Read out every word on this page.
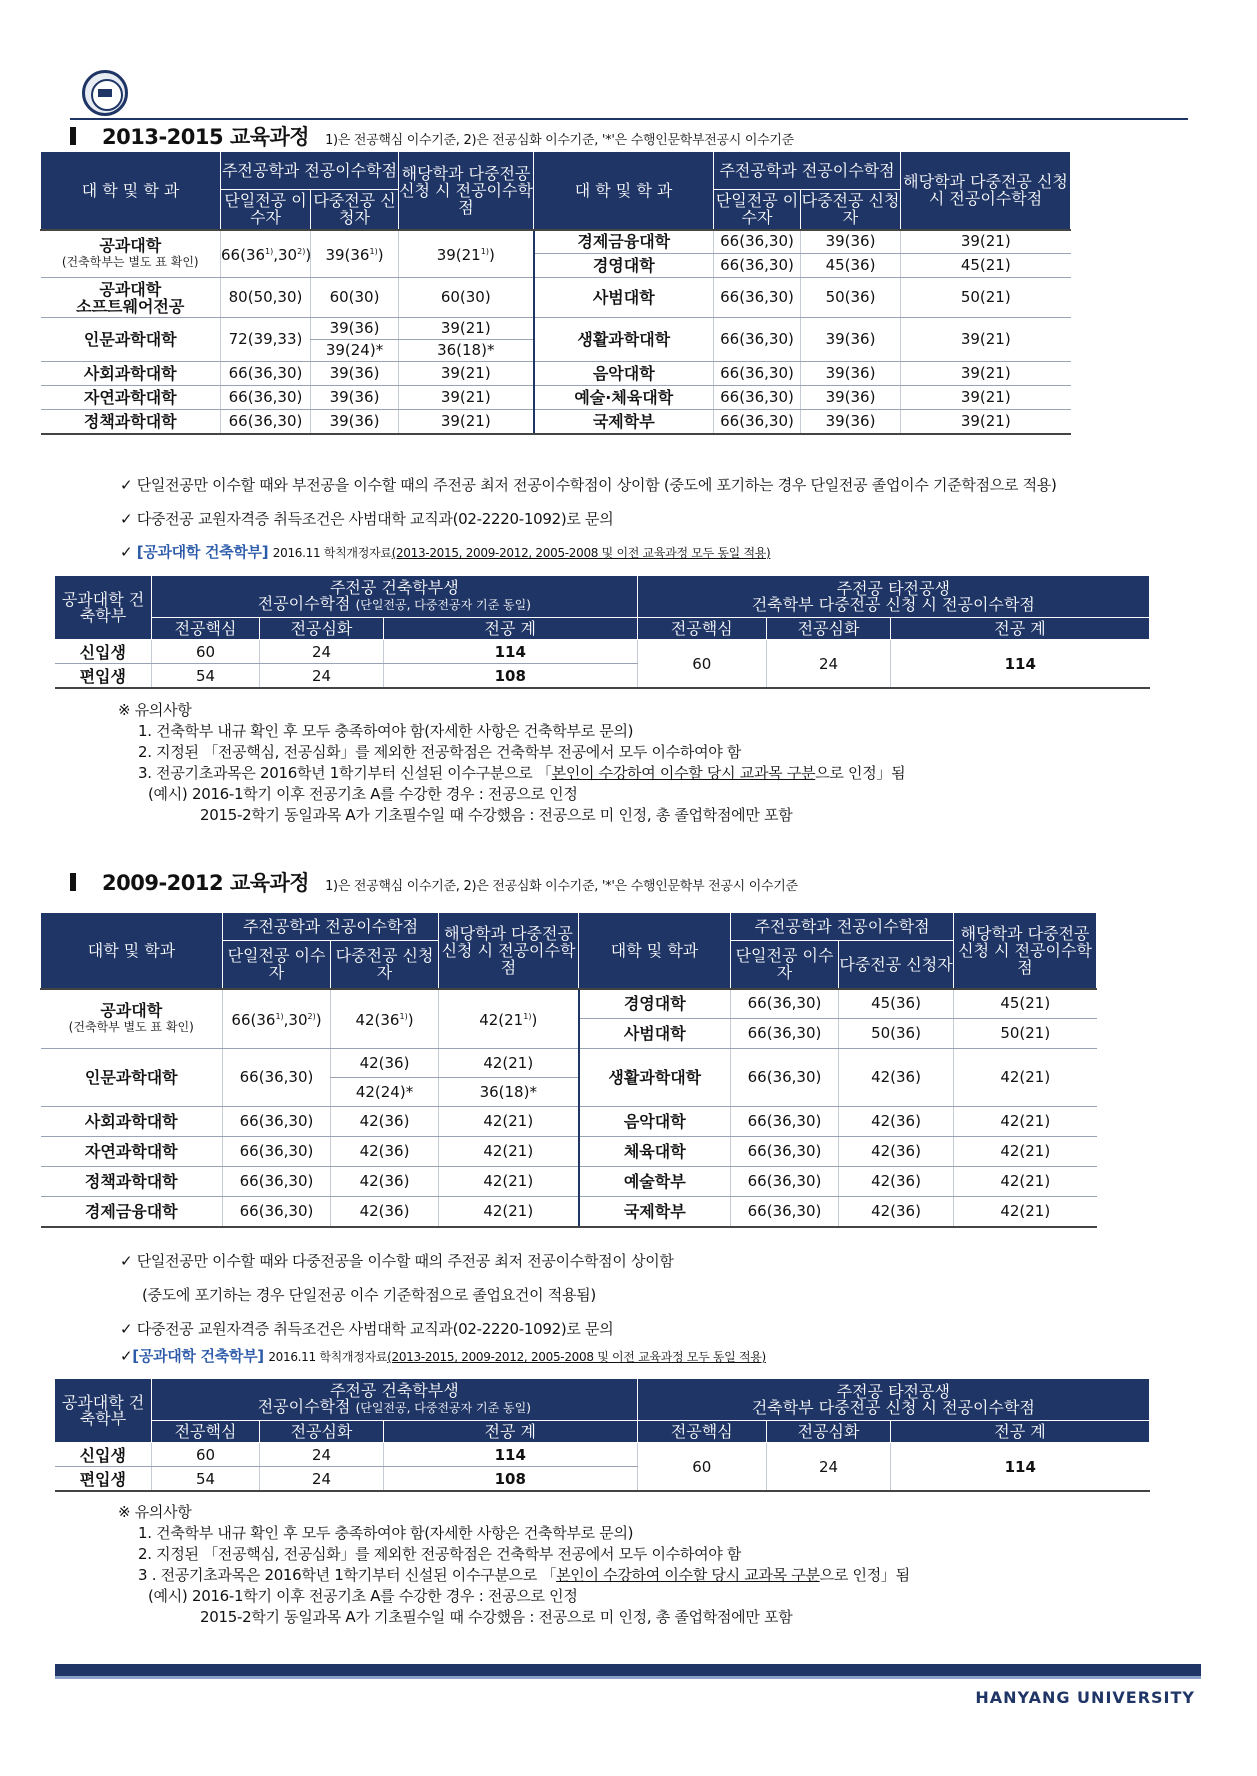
2013-2015 교육과정 1)은 전공핵심 이수기준, 2)은 전공심화 이수기준, '*'은 수행인문학부전공시 이수기준
대 학 및 학 과	주전공학과 전공이수학점		해당학과 다중전공 신청 시 전공이수학점	대 학 및 학 과	주전공학과 전공이수학점		해당학과 다중전공 신청 시 전공이수학점
	단일전공 이수자	다중전공 신청자			단일전공 이수자	다중전공 신청자	
공과대학
(건축학부는 별도 표 확인)	66(36$^{1)}$,30$^{2)}$)	39(36$^{1)}$)	39(21$^{1)}$)	경제금융대학	66(36,30)	39(36)	39(21)
				경영대학	66(36,30)	45(36)	45(21)
공과대학
소프트웨어전공	80(50,30)	60(30)	60(30)	사범대학	66(36,30)	50(36)	50(21)
인문과학대학	72(39,33)	39(36)	39(21)	생활과학대학	66(36,30)	39(36)	39(21)
		39(24)*	36(18)*				
사회과학대학	66(36,30)	39(36)	39(21)	음악대학	66(36,30)	39(36)	39(21)
자연과학대학	66(36,30)	39(36)	39(21)	예술·체육대학	66(36,30)	39(36)	39(21)
정책과학대학	66(36,30)	39(36)	39(21)	국제학부	66(36,30)	39(36)	39(21)
✓ 단일전공만 이수할 때와 부전공을 이수할 때의 주전공 최저 전공이수학점이 상이함 (중도에 포기하는 경우 단일전공 졸업이수 기준학점으로 적용)
✓ 다중전공 교원자격증 취득조건은 사범대학 교직과(02-2220-1092)로 문의
✓ [공과대학 건축학부] 2016.11 학칙개정자료(2013-2015, 2009-2012, 2005-2008 및 이전 교육과정 모두 동일 적용)
공과대학 건축학부	주전공 건축학부생
전공이수학점 (단일전공, 다중전공자 기준 동일)			주전공 타전공생
건축학부 다중전공 신청 시 전공이수학점		
	전공핵심	전공심화	전공 계	전공핵심	전공심화	전공 계
신입생	60	24	114	60	24	114
편입생	54	24	108			
※ 유의사항
1. 건축학부 내규 확인 후 모두 충족하여야 함(자세한 사항은 건축학부로 문의)
2. 지정된 「전공핵심, 전공심화」를 제외한 전공학점은 건축학부 전공에서 모두 이수하여야 함
3. 전공기초과목은 2016학년 1학기부터 신설된 이수구분으로 「본인이 수강하여 이수할 당시 교과목 구분으로 인정」됨
(예시) 2016-1학기 이후 전공기초 A를 수강한 경우 : 전공으로 인정
2015-2학기 동일과목 A가 기초필수일 때 수강했음 : 전공으로 미 인정, 총 졸업학점에만 포함
2009-2012 교육과정 1)은 전공핵심 이수기준, 2)은 전공심화 이수기준, '*'은 수행인문학부 전공시 이수기준
대학 및 학과	주전공학과 전공이수학점		해당학과 다중전공 신청 시 전공이수학점	대학 및 학과	주전공학과 전공이수학점		해당학과 다중전공 신청 시 전공이수학점
	단일전공 이수자	다중전공 신청자			단일전공 이수자	다중전공 신청자	
공과대학
(건축학부 별도 표 확인)	66(36$^{1)}$,30$^{2)}$)	42(36$^{1)}$)	42(21$^{1)}$)	경영대학	66(36,30)	45(36)	45(21)
				사범대학	66(36,30)	50(36)	50(21)
인문과학대학	66(36,30)	42(36)	42(21)	생활과학대학	66(36,30)	42(36)	42(21)
		42(24)*	36(18)*				
사회과학대학	66(36,30)	42(36)	42(21)	음악대학	66(36,30)	42(36)	42(21)
자연과학대학	66(36,30)	42(36)	42(21)	체육대학	66(36,30)	42(36)	42(21)
정책과학대학	66(36,30)	42(36)	42(21)	예술학부	66(36,30)	42(36)	42(21)
경제금융대학	66(36,30)	42(36)	42(21)	국제학부	66(36,30)	42(36)	42(21)
✓ 단일전공만 이수할 때와 다중전공을 이수할 때의 주전공 최저 전공이수학점이 상이함
(중도에 포기하는 경우 단일전공 이수 기준학점으로 졸업요건이 적용됨)
✓ 다중전공 교원자격증 취득조건은 사범대학 교직과(02-2220-1092)로 문의
✓[공과대학 건축학부] 2016.11 학칙개정자료(2013-2015, 2009-2012, 2005-2008 및 이전 교육과정 모두 동일 적용)
공과대학 건축학부	주전공 건축학부생
전공이수학점 (단일전공, 다중전공자 기준 동일)			주전공 타전공생
건축학부 다중전공 신청 시 전공이수학점		
	전공핵심	전공심화	전공 계	전공핵심	전공심화	전공 계
신입생	60	24	114	60	24	114
편입생	54	24	108			
※ 유의사항
1. 건축학부 내규 확인 후 모두 충족하여야 함(자세한 사항은 건축학부로 문의)
2. 지정된 「전공핵심, 전공심화」를 제외한 전공학점은 건축학부 전공에서 모두 이수하여야 함
3 . 전공기초과목은 2016학년 1학기부터 신설된 이수구분으로 「본인이 수강하여 이수할 당시 교과목 구분으로 인정」됨
(예시) 2016-1학기 이후 전공기초 A를 수강한 경우 : 전공으로 인정
2015-2학기 동일과목 A가 기초필수일 때 수강했음 : 전공으로 미 인정, 총 졸업학점에만 포함
HANYANG UNIVERSITY
